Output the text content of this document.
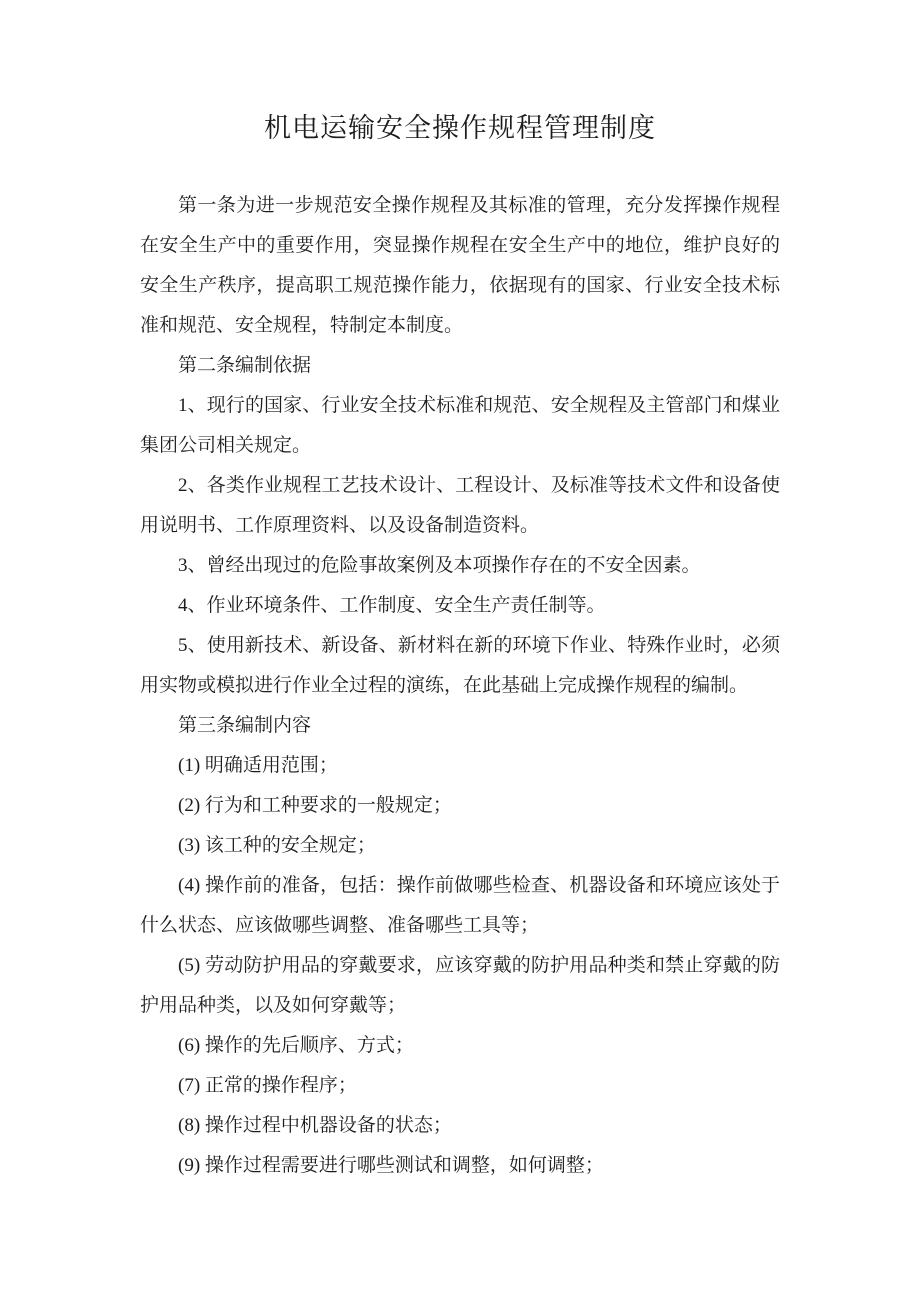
机电运输安全操作规程管理制度

第一条为进一步规范安全操作规程及其标准的管理，充分发挥操作规程在安全生产中的重要作用，突显操作规程在安全生产中的地位，维护良好的安全生产秩序，提高职工规范操作能力，依据现有的国家、行业安全技术标准和规范、安全规程，特制定本制度。

第二条编制依据

1、现行的国家、行业安全技术标准和规范、安全规程及主管部门和煤业集团公司相关规定。

2、各类作业规程工艺技术设计、工程设计、及标准等技术文件和设备使用说明书、工作原理资料、以及设备制造资料。

3、曾经出现过的危险事故案例及本项操作存在的不安全因素。

4、作业环境条件、工作制度、安全生产责任制等。

5、使用新技术、新设备、新材料在新的环境下作业、特殊作业时，必须用实物或模拟进行作业全过程的演练，在此基础上完成操作规程的编制。

第三条编制内容

(1) 明确适用范围；

(2) 行为和工种要求的一般规定；

(3) 该工种的安全规定；

(4) 操作前的准备，包括：操作前做哪些检查、机器设备和环境应该处于什么状态、应该做哪些调整、准备哪些工具等；

(5) 劳动防护用品的穿戴要求，应该穿戴的防护用品种类和禁止穿戴的防护用品种类，以及如何穿戴等；

(6) 操作的先后顺序、方式；

(7) 正常的操作程序；

(8) 操作过程中机器设备的状态；

(9) 操作过程需要进行哪些测试和调整，如何调整；
